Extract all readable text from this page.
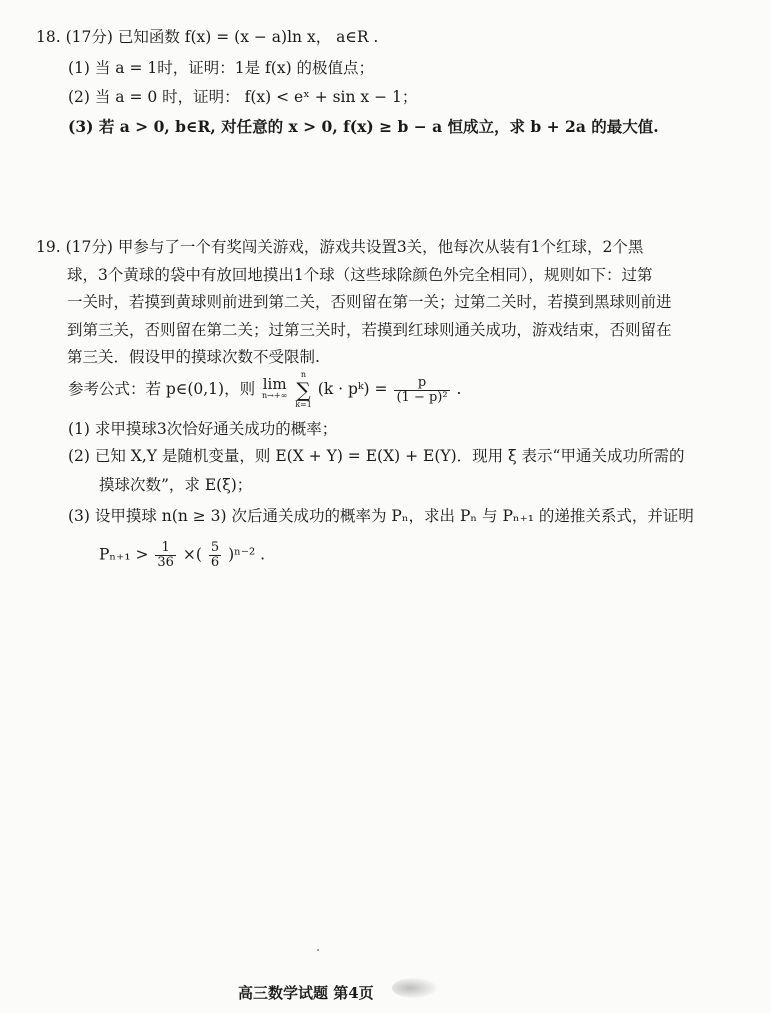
18. (17分) 已知函数 f(x) = (x − a)ln x， a∈R .
(1) 当 a = 1时，证明：1是 f(x) 的极值点；
(2) 当 a = 0 时，证明： f(x) < eˣ + sin x − 1；
(3) 若 a > 0, b∈R, 对任意的 x > 0, f(x) ≥ b − a 恒成立，求 b + 2a 的最大值.
19. (17分) 甲参与了一个有奖闯关游戏，游戏共设置3关，他每次从装有1个红球，2个黑
球，3个黄球的袋中有放回地摸出1个球（这些球除颜色外完全相同），规则如下：过第
一关时，若摸到黄球则前进到第二关，否则留在第一关；过第二关时，若摸到黑球则前进
到第三关，否则留在第二关；过第三关时，若摸到红球则通关成功，游戏结束，否则留在
第三关．假设甲的摸球次数不受限制.
参考公式：若 p∈(0,1)，则 lim
n→+∞

n
∑
k=1
(k · pᵏ) = $\frac{p}{\text{(1 − p)²}}$ .
(1) 求甲摸球3次恰好通关成功的概率；
(2) 已知 X,Y 是随机变量，则 E(X + Y) = E(X) + E(Y)．现用 ξ 表示“甲通关成功所需的
摸球次数”，求 E(ξ)；
(3) 设甲摸球 n(n ≥ 3) 次后通关成功的概率为 Pₙ，求出 Pₙ 与 Pₙ₊₁ 的递推关系式，并证明
$P_{n+1} > \frac{1}{36}$ ×( $\frac{5}{6} )^{n-2}$ .
高三数学试题 第4页
